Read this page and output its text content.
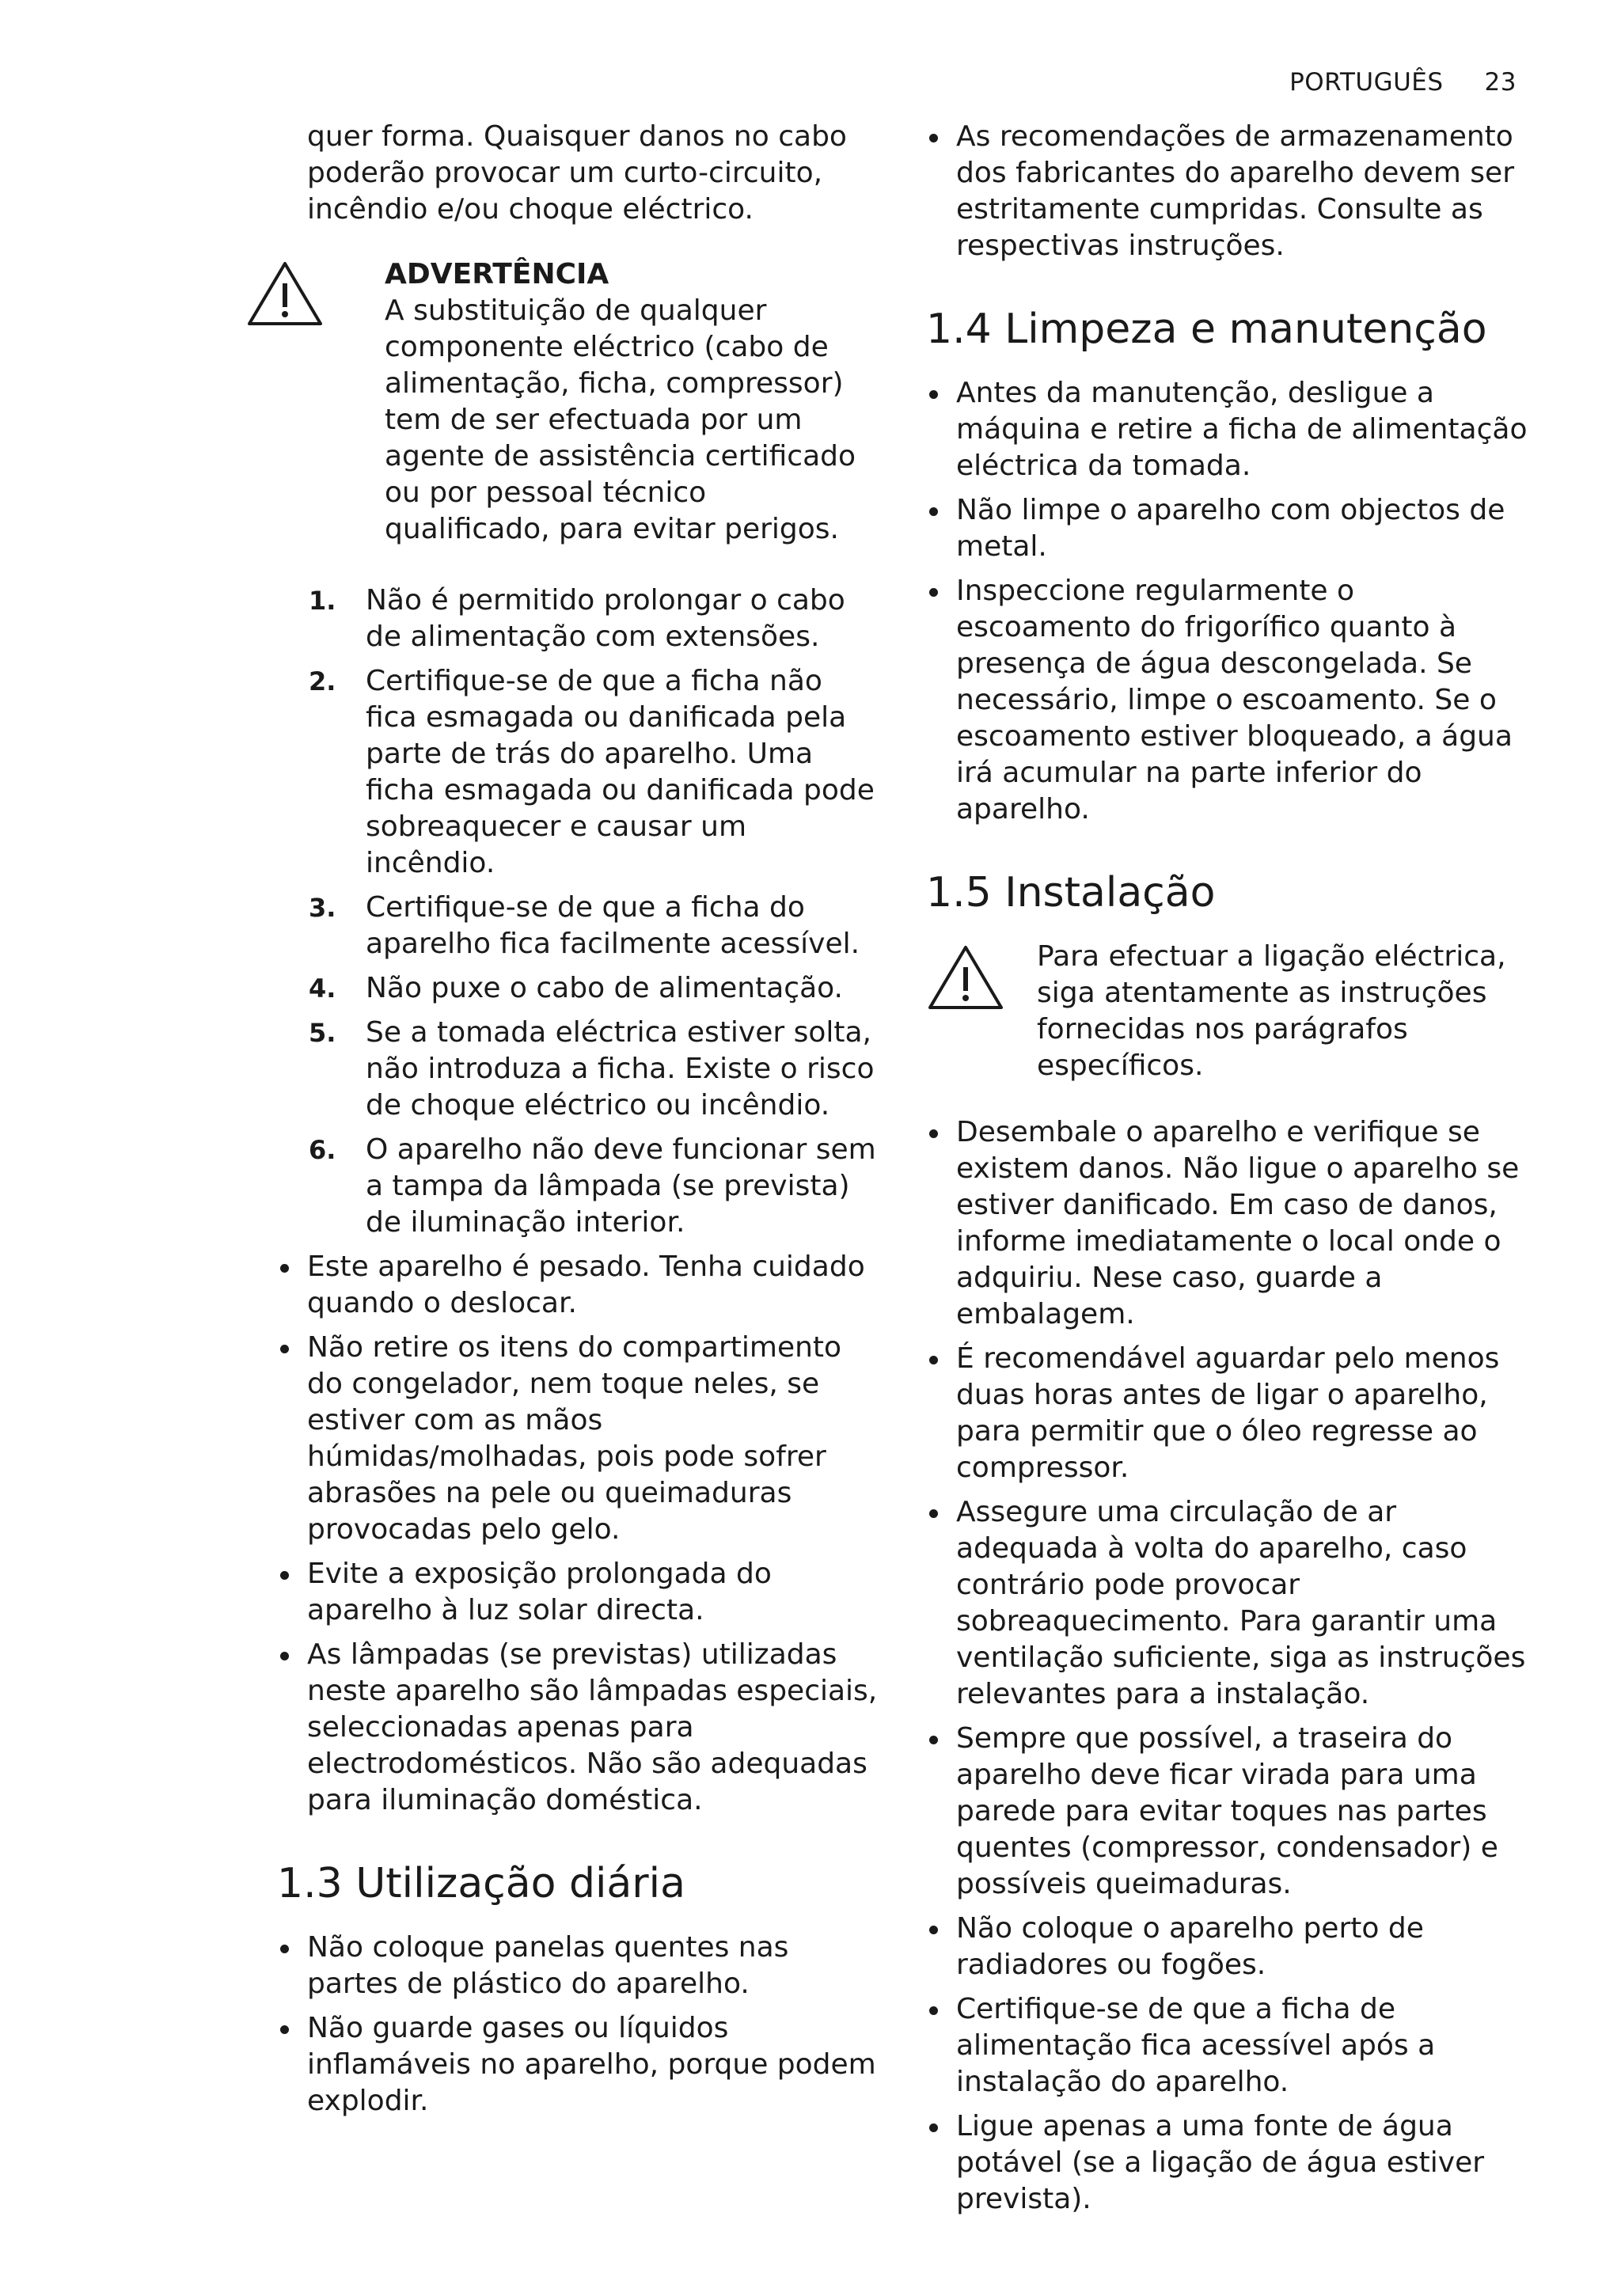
PORTUGUÊS 23

quer forma. Quaisquer danos no cabo poderão provocar um curto-circuito, incêndio e/ou choque eléctrico.

ADVERTÊNCIA

A substituição de qualquer componente eléctrico (cabo de alimentação, ficha, compressor) tem de ser efectuada por um agente de assistência certificado ou por pessoal técnico qualificado, para evitar perigos.

1. Não é permitido prolongar o cabo de alimentação com extensões.
2. Certifique-se de que a ficha não fica esmagada ou danificada pela parte de trás do aparelho. Uma ficha esmagada ou danificada pode sobreaquecer e causar um incêndio.
3. Certifique-se de que a ficha do aparelho fica facilmente acessível.
4. Não puxe o cabo de alimentação.
5. Se a tomada eléctrica estiver solta, não introduza a ficha. Existe o risco de choque eléctrico ou incêndio.
6. O aparelho não deve funcionar sem a tampa da lâmpada (se prevista) de iluminação interior.
Este aparelho é pesado. Tenha cuidado quando o deslocar.
Não retire os itens do compartimento do congelador, nem toque neles, se estiver com as mãos húmidas/molhadas, pois pode sofrer abrasões na pele ou queimaduras provocadas pelo gelo.
Evite a exposição prolongada do aparelho à luz solar directa.
As lâmpadas (se previstas) utilizadas neste aparelho são lâmpadas especiais, seleccionadas apenas para electrodomésticos. Não são adequadas para iluminação doméstica.
1.3 Utilização diária
Não coloque panelas quentes nas partes de plástico do aparelho.
Não guarde gases ou líquidos inflamáveis no aparelho, porque podem explodir.
As recomendações de armazenamento dos fabricantes do aparelho devem ser estritamente cumpridas. Consulte as respectivas instruções.
1.4 Limpeza e manutenção
Antes da manutenção, desligue a máquina e retire a ficha de alimentação eléctrica da tomada.
Não limpe o aparelho com objectos de metal.
Inspeccione regularmente o escoamento do frigorífico quanto à presença de água descongelada. Se necessário, limpe o escoamento. Se o escoamento estiver bloqueado, a água irá acumular na parte inferior do aparelho.
1.5 Instalação

Para efectuar a ligação eléctrica, siga atentamente as instruções fornecidas nos parágrafos específicos.

Desembale o aparelho e verifique se existem danos. Não ligue o aparelho se estiver danificado. Em caso de danos, informe imediatamente o local onde o adquiriu. Nese caso, guarde a embalagem.
É recomendável aguardar pelo menos duas horas antes de ligar o aparelho, para permitir que o óleo regresse ao compressor.
Assegure uma circulação de ar adequada à volta do aparelho, caso contrário pode provocar sobreaquecimento. Para garantir uma ventilação suficiente, siga as instruções relevantes para a instalação.
Sempre que possível, a traseira do aparelho deve ficar virada para uma parede para evitar toques nas partes quentes (compressor, condensador) e possíveis queimaduras.
Não coloque o aparelho perto de radiadores ou fogões.
Certifique-se de que a ficha de alimentação fica acessível após a instalação do aparelho.
Ligue apenas a uma fonte de água potável (se a ligação de água estiver prevista).
